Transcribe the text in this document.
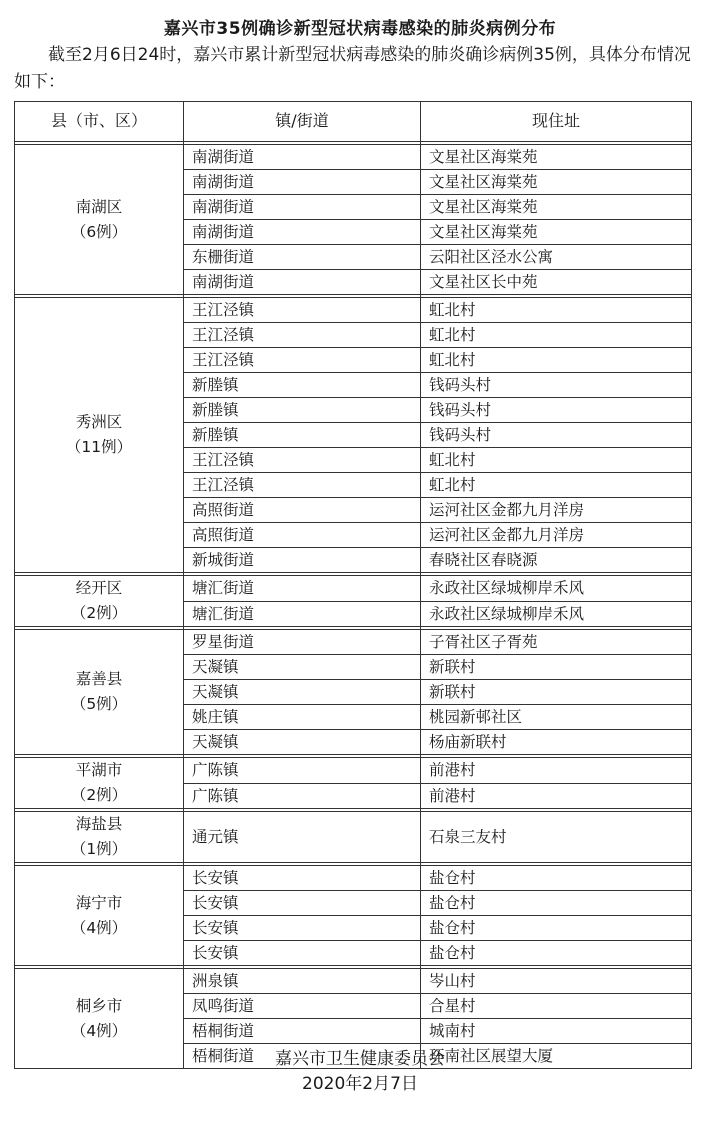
嘉兴市35例确诊新型冠状病毒感染的肺炎病例分布
截至2月6日24时，嘉兴市累计新型冠状病毒感染的肺炎确诊病例35例，具体分布情况如下：
县（市、区）	镇/街道	现住址

南湖区
（6例）	南湖街道	文星社区海棠苑
	南湖街道	文星社区海棠苑
	南湖街道	文星社区海棠苑
	南湖街道	文星社区海棠苑
	东栅街道	云阳社区泾水公寓
	南湖街道	文星社区长中苑

秀洲区
（11例）	王江泾镇	虹北村
	王江泾镇	虹北村
	王江泾镇	虹北村
	新塍镇	钱码头村
	新塍镇	钱码头村
	新塍镇	钱码头村
	王江泾镇	虹北村
	王江泾镇	虹北村
	高照街道	运河社区金都九月洋房
	高照街道	运河社区金都九月洋房
	新城街道	春晓社区春晓源

经开区
（2例）	塘汇街道	永政社区绿城柳岸禾风
	塘汇街道	永政社区绿城柳岸禾风

嘉善县
（5例）	罗星街道	子胥社区子胥苑
	天凝镇	新联村
	天凝镇	新联村
	姚庄镇	桃园新邨社区
	天凝镇	杨庙新联村

平湖市
（2例）	广陈镇	前港村
	广陈镇	前港村

海盐县
（1例）	通元镇	石泉三友村

海宁市
（4例）	长安镇	盐仓村
	长安镇	盐仓村
	长安镇	盐仓村
	长安镇	盐仓村

桐乡市
（4例）	洲泉镇	岑山村
	凤鸣街道	合星村
	梧桐街道	城南村
	梧桐街道	环南社区展望大厦
嘉兴市卫生健康委员会
2020年2月7日
